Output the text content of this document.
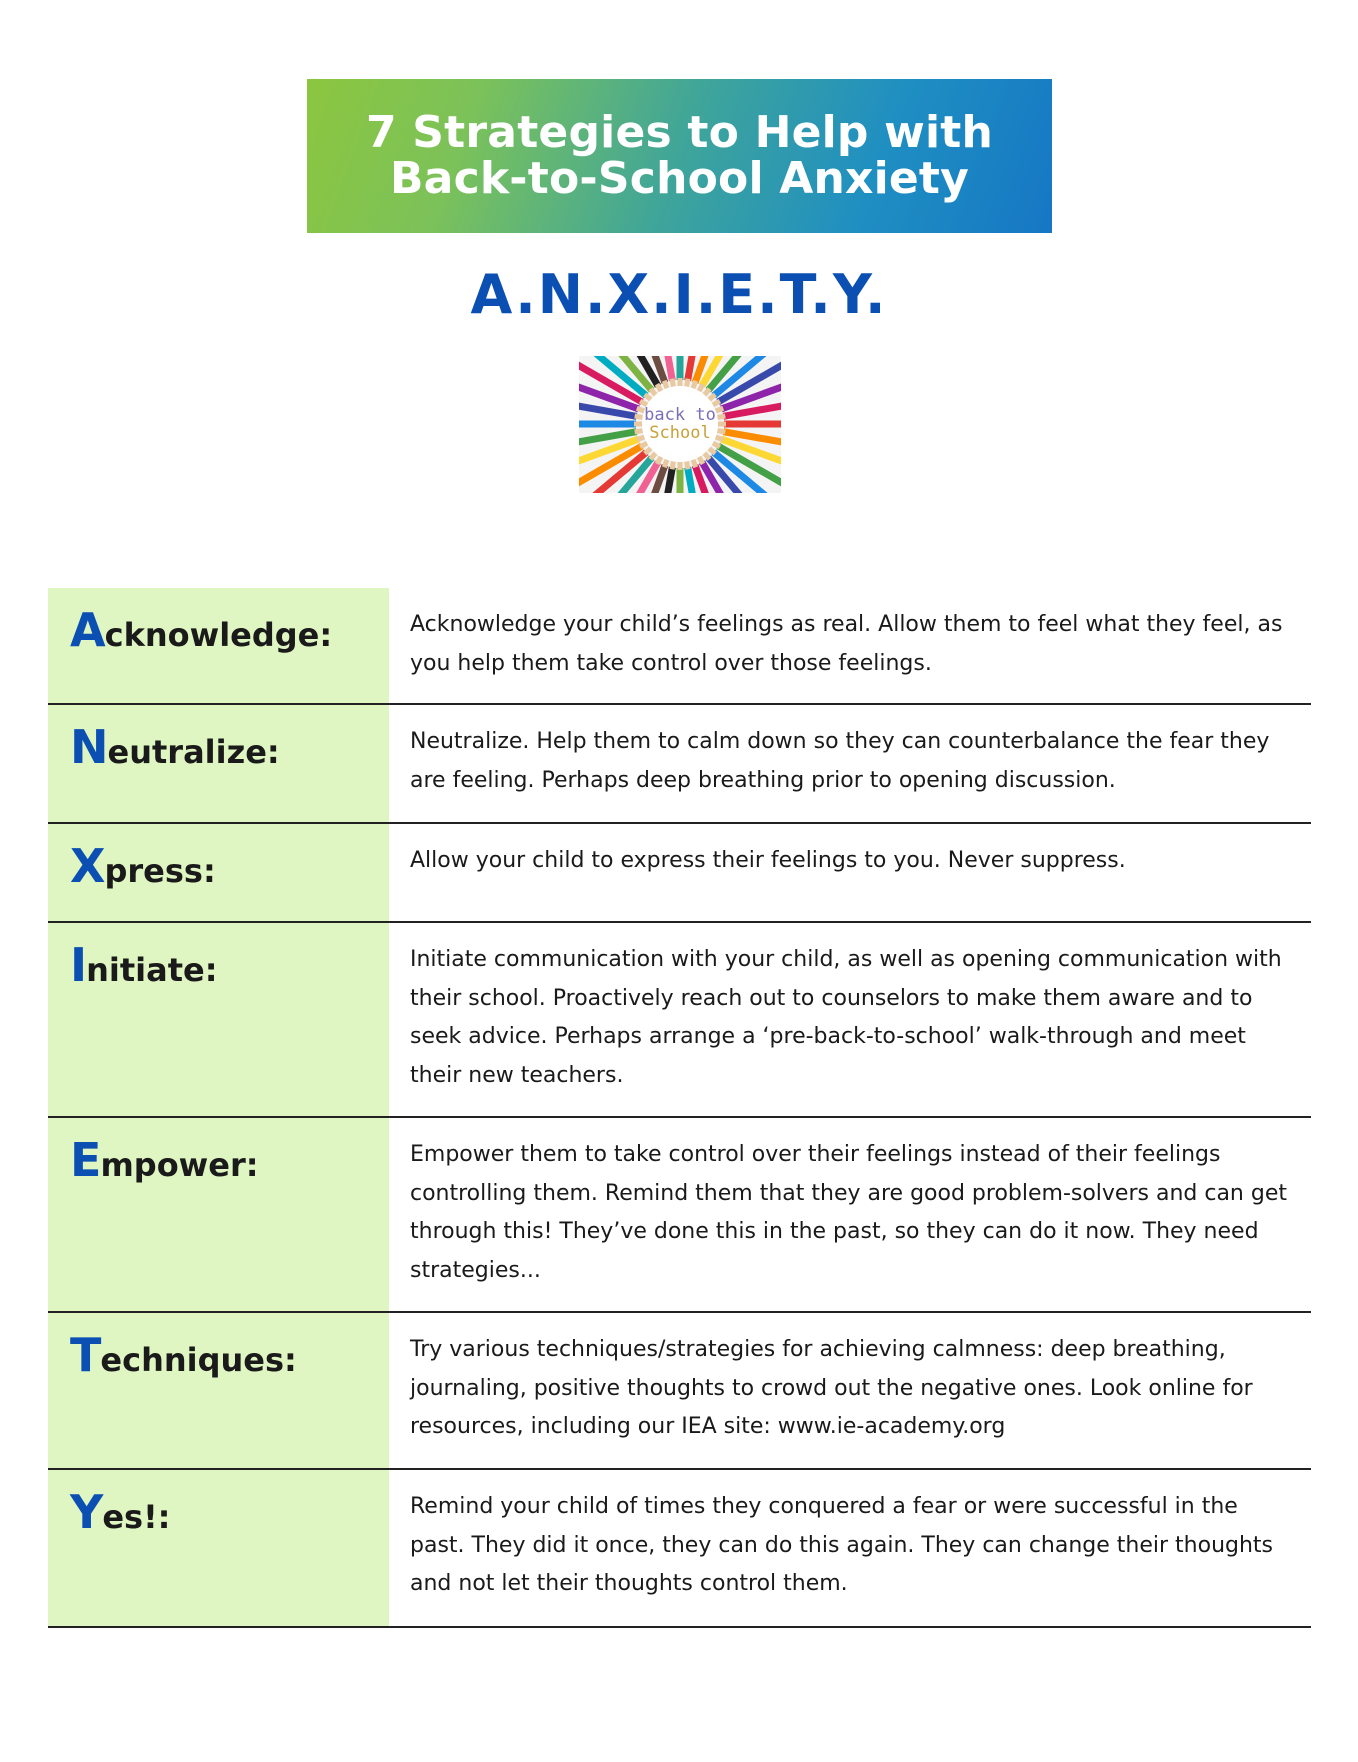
7 Strategies to Help with
Back-to-School Anxiety
A.N.X.I.E.T.Y.
back to
School
Acknowledge:	Acknowledge your child’s feelings as real. Allow them to feel what they feel, as you help them take control over those feelings.
Neutralize:	Neutralize. Help them to calm down so they can counterbalance the fear they are feeling. Perhaps deep breathing prior to opening discussion.
Xpress:	Allow your child to express their feelings to you. Never suppress.
Initiate:	Initiate communication with your child, as well as opening communication with their school. Proactively reach out to counselors to make them aware and to seek advice. Perhaps arrange a ‘pre-back-to-school’ walk-through and meet their new teachers.
Empower:	Empower them to take control over their feelings instead of their feelings controlling them. Remind them that they are good problem-solvers and can get through this! They’ve done this in the past, so they can do it now. They need strategies...
Techniques:	Try various techniques/strategies for achieving calmness: deep breathing, journaling, positive thoughts to crowd out the negative ones. Look online for resources, including our IEA site: www.ie-academy.org
Yes!:	Remind your child of times they conquered a fear or were successful in the past. They did it once, they can do this again. They can change their thoughts and not let their thoughts control them.
